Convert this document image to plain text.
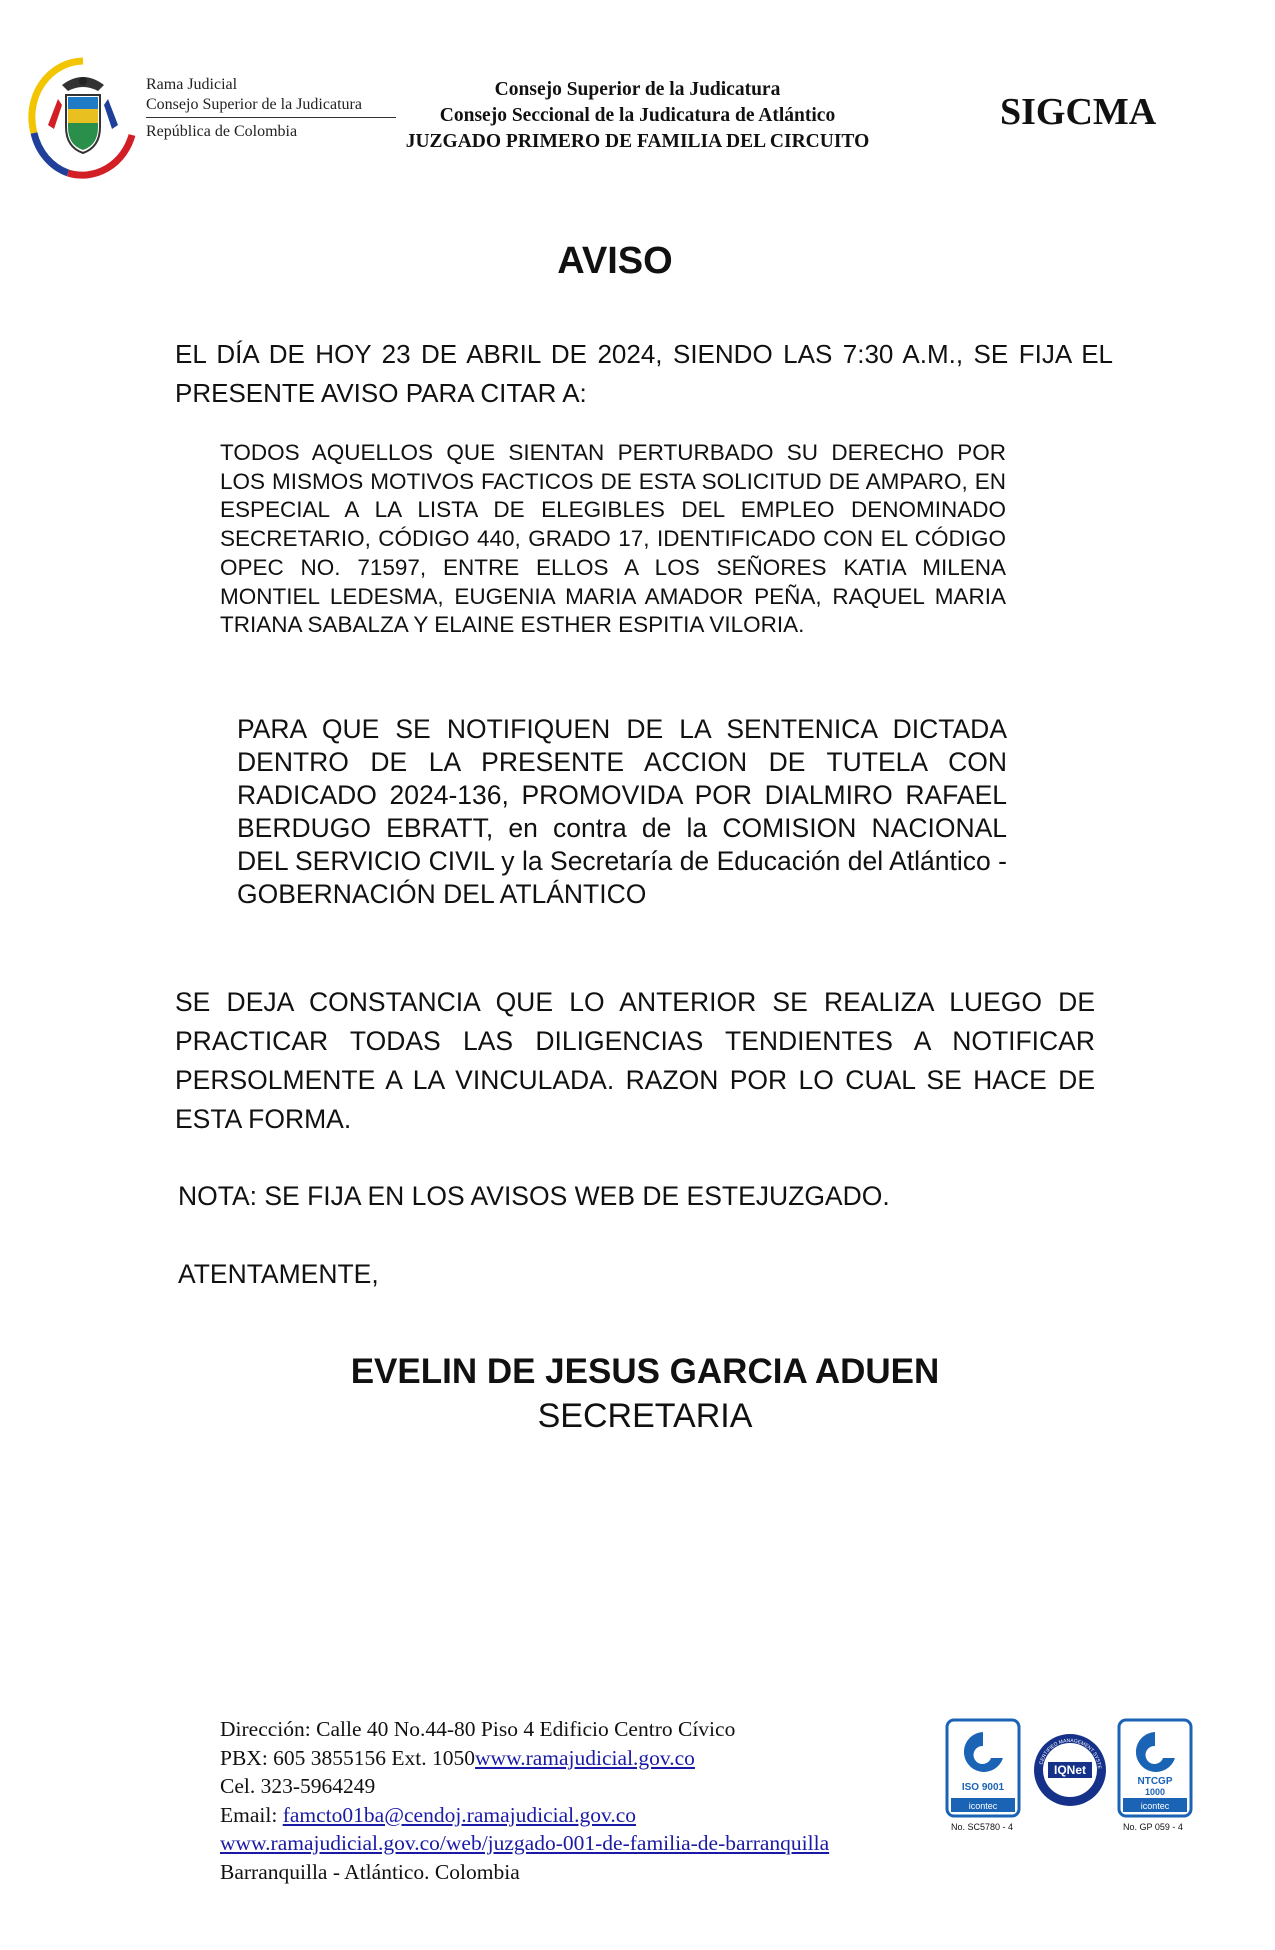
Rama Judicial
Consejo Superior de la Judicatura
República de Colombia
Consejo Superior de la Judicatura
Consejo Seccional de la Judicatura de Atlántico
JUZGADO PRIMERO DE FAMILIA DEL CIRCUITO
SIGCMA
AVISO
EL DÍA DE HOY 23 DE ABRIL DE 2024, SIENDO LAS 7:30 A.M., SE FIJA EL PRESENTE AVISO PARA CITAR A:
TODOS AQUELLOS QUE SIENTAN PERTURBADO SU DERECHO POR LOS MISMOS MOTIVOS FACTICOS DE ESTA SOLICITUD DE AMPARO, EN ESPECIAL A LA LISTA DE ELEGIBLES DEL EMPLEO DENOMINADO SECRETARIO, CÓDIGO 440, GRADO 17, IDENTIFICADO CON EL CÓDIGO OPEC NO. 71597, ENTRE ELLOS A LOS SEÑORES KATIA MILENA MONTIEL LEDESMA, EUGENIA MARIA AMADOR PEÑA, RAQUEL MARIA TRIANA SABALZA Y ELAINE ESTHER ESPITIA VILORIA.
PARA QUE SE NOTIFIQUEN DE LA SENTENICA DICTADA DENTRO DE LA PRESENTE ACCION DE TUTELA CON RADICADO 2024-136, PROMOVIDA POR DIALMIRO RAFAEL BERDUGO EBRATT, en contra de la COMISION NACIONAL DEL SERVICIO CIVIL y la Secretaría de Educación del Atlántico - GOBERNACIÓN DEL ATLÁNTICO
SE DEJA CONSTANCIA QUE LO ANTERIOR SE REALIZA LUEGO DE PRACTICAR TODAS LAS DILIGENCIAS TENDIENTES A NOTIFICAR PERSOLMENTE A LA VINCULADA. RAZON POR LO CUAL SE HACE DE ESTA FORMA.
NOTA: SE FIJA EN LOS AVISOS WEB DE ESTEJUZGADO.
ATENTAMENTE,
EVELIN DE JESUS GARCIA ADUEN
SECRETARIA
Dirección: Calle 40 No.44-80 Piso 4 Edificio Centro Cívico
PBX: 605 3855156 Ext. 1050www.ramajudicial.gov.co
Cel. 323-5964249
Email: famcto01ba@cendoj.ramajudicial.gov.co
www.ramajudicial.gov.co/web/juzgado-001-de-familia-de-barranquilla
Barranquilla - Atlántico. Colombia
ISO 9001
icontec
IQNet
CERTIFIED MANAGEMENT SYSTE
NTCGP
1000
icontec
No. SC5780 - 4	No. GP 059 - 4
